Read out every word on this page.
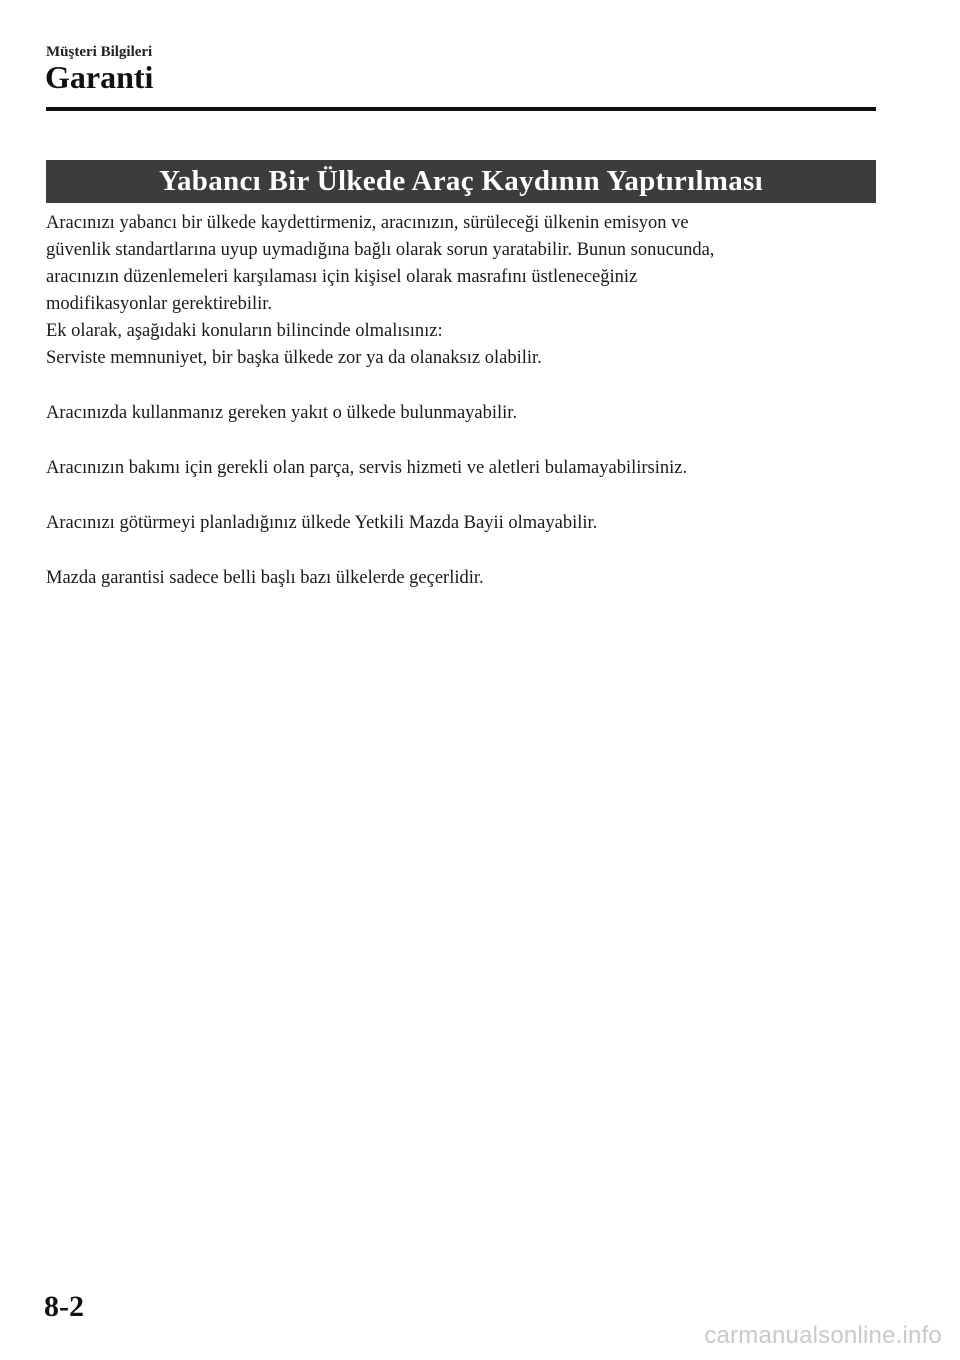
Müşteri Bilgileri
Garanti
Yabancı Bir Ülkede Araç Kaydının Yaptırılması

Aracınızı yabancı bir ülkede kaydettirmeniz, aracınızın, sürüleceği ülkenin emisyon ve

güvenlik standartlarına uyup uymadığına bağlı olarak sorun yaratabilir. Bunun sonucunda,

aracınızın düzenlemeleri karşılaması için kişisel olarak masrafını üstleneceğiniz

modifikasyonlar gerektirebilir.

Ek olarak, aşağıdaki konuların bilincinde olmalısınız:

Serviste memnuniyet, bir başka ülkede zor ya da olanaksız olabilir.

Aracınızda kullanmanız gereken yakıt o ülkede bulunmayabilir.

Aracınızın bakımı için gerekli olan parça, servis hizmeti ve aletleri bulamayabilirsiniz.

Aracınızı götürmeyi planladığınız ülkede Yetkili Mazda Bayii olmayabilir.

Mazda garantisi sadece belli başlı bazı ülkelerde geçerlidir.

8-2
carmanualsonline.info
